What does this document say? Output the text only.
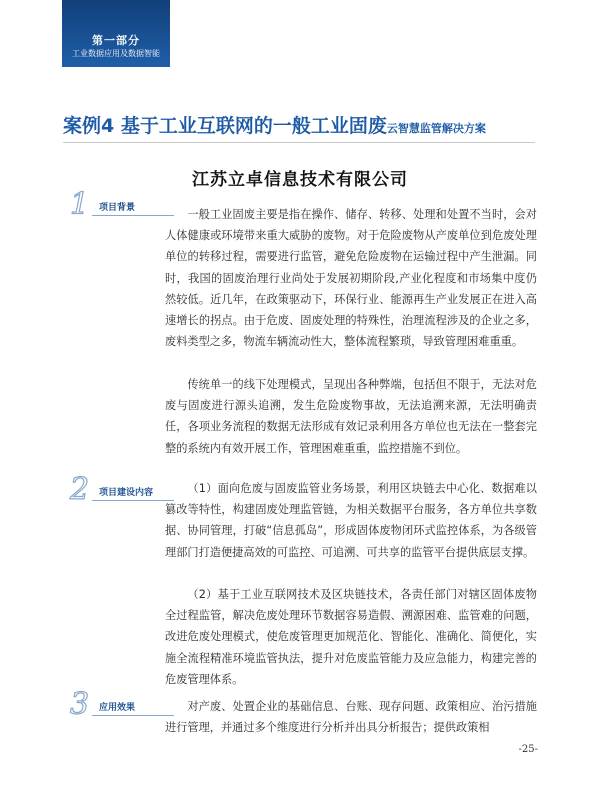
第一部分
工业数据应用及数据智能
案例4 基于工业互联网的一般工业固废云智慧监管解决方案
江苏立卓信息技术有限公司
1 项目背景	一般工业固废主要是指在操作、储存、转移、处理和处置不当时，会对人体健康或环境带来重大威胁的废物。对于危险废物从产废单位到危废处理单位的转移过程，需要进行监管，避免危险废物在运输过程中产生泄漏。同时，我国的固废治理行业尚处于发展初期阶段,产业化程度和市场集中度仍然较低。近几年，在政策驱动下，环保行业、能源再生产业发展正在进入高速增长的拐点。由于危废、固废处理的特殊性，治理流程涉及的企业之多，废料类型之多，物流车辆流动性大，整体流程繁琐，导致管理困难重重。

传统单一的线下处理模式，呈现出各种弊端，包括但不限于，无法对危废与固废进行源头追溯，发生危险废物事故，无法追溯来源，无法明确责任，各项业务流程的数据无法形成有效记录利用各方单位也无法在一整套完整的系统内有效开展工作，管理困难重重，监控措施不到位。

2 项目建设内容	（1）面向危废与固废监管业务场景，利用区块链去中心化、数据难以篡改等特性，构建固废处理监管链，为相关数据平台服务，各方单位共享数据、协同管理，打破“信息孤岛”，形成固体废物闭环式监控体系，为各级管理部门打造便捷高效的可监控、可追溯、可共享的监管平台提供底层支撑。

（2）基于工业互联网技术及区块链技术，各责任部门对辖区固体废物全过程监管，解决危废处理环节数据容易造假、溯源困难、监管难的问题，改进危废处理模式，使危废管理更加规范化、智能化、准确化、简便化，实施全流程精准环境监管执法，提升对危废监管能力及应急能力，构建完善的危废管理体系。

3 应用效果	对产废、处置企业的基础信息、台账、现存问题、政策相应、治污措施进行管理，并通过多个维度进行分析并出具分析报告；提供政策相

-25-
